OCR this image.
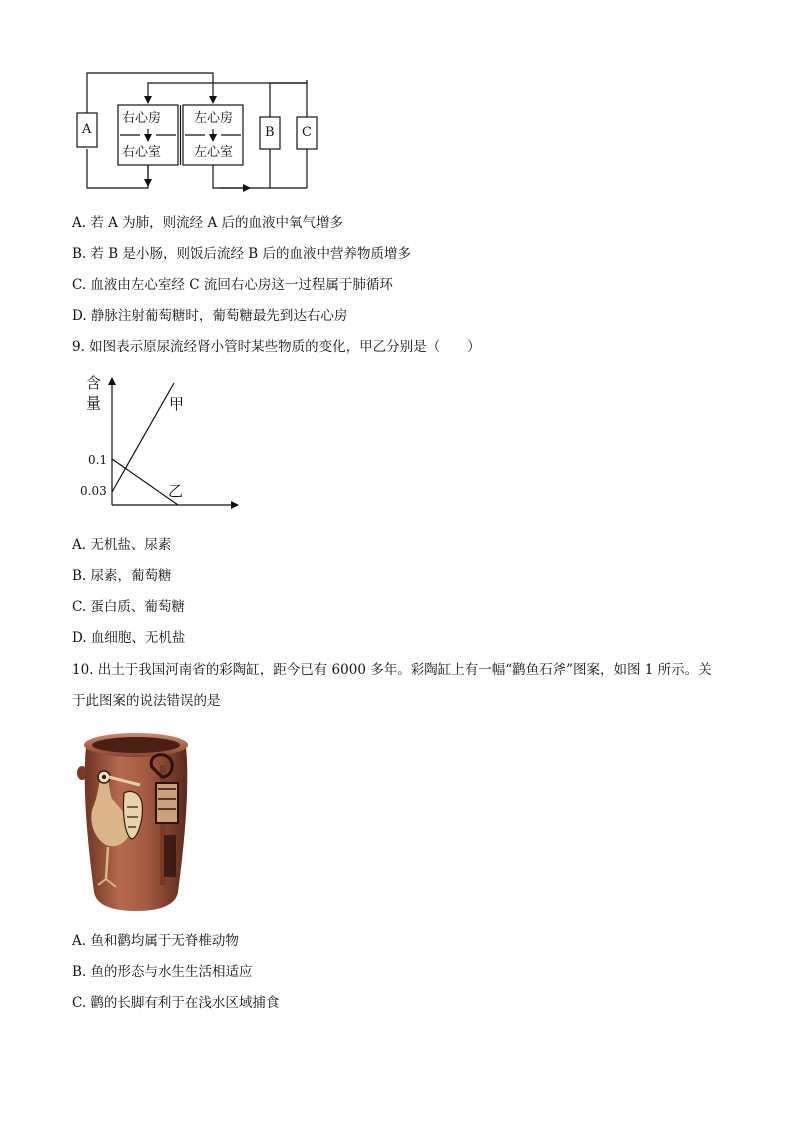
A	B C
右心房
右心室
左心房
左心室
A. 若 A 为肺，则流经 A 后的血液中氧气增多
B. 若 B 是小肠，则饭后流经 B 后的血液中营养物质增多
C. 血液由左心室经 C 流回右心房这一过程属于肺循环
D. 静脉注射葡萄糖时，葡萄糖最先到达右心房
9. 如图表示原尿流经肾小管时某些物质的变化，甲乙分别是（　　）
含
量
0.1
0.03
甲
乙
A. 无机盐、尿素
B. 尿素，葡萄糖
C. 蛋白质、葡萄糖
D. 血细胞、无机盐
10. 出土于我国河南省的彩陶缸，距今已有 6000 多年。彩陶缸上有一幅“鹳鱼石斧”图案，如图 1 所示。关
于此图案的说法错误的是
A. 鱼和鹳均属于无脊椎动物
B. 鱼的形态与水生生活相适应
C. 鹳的长脚有利于在浅水区域捕食
